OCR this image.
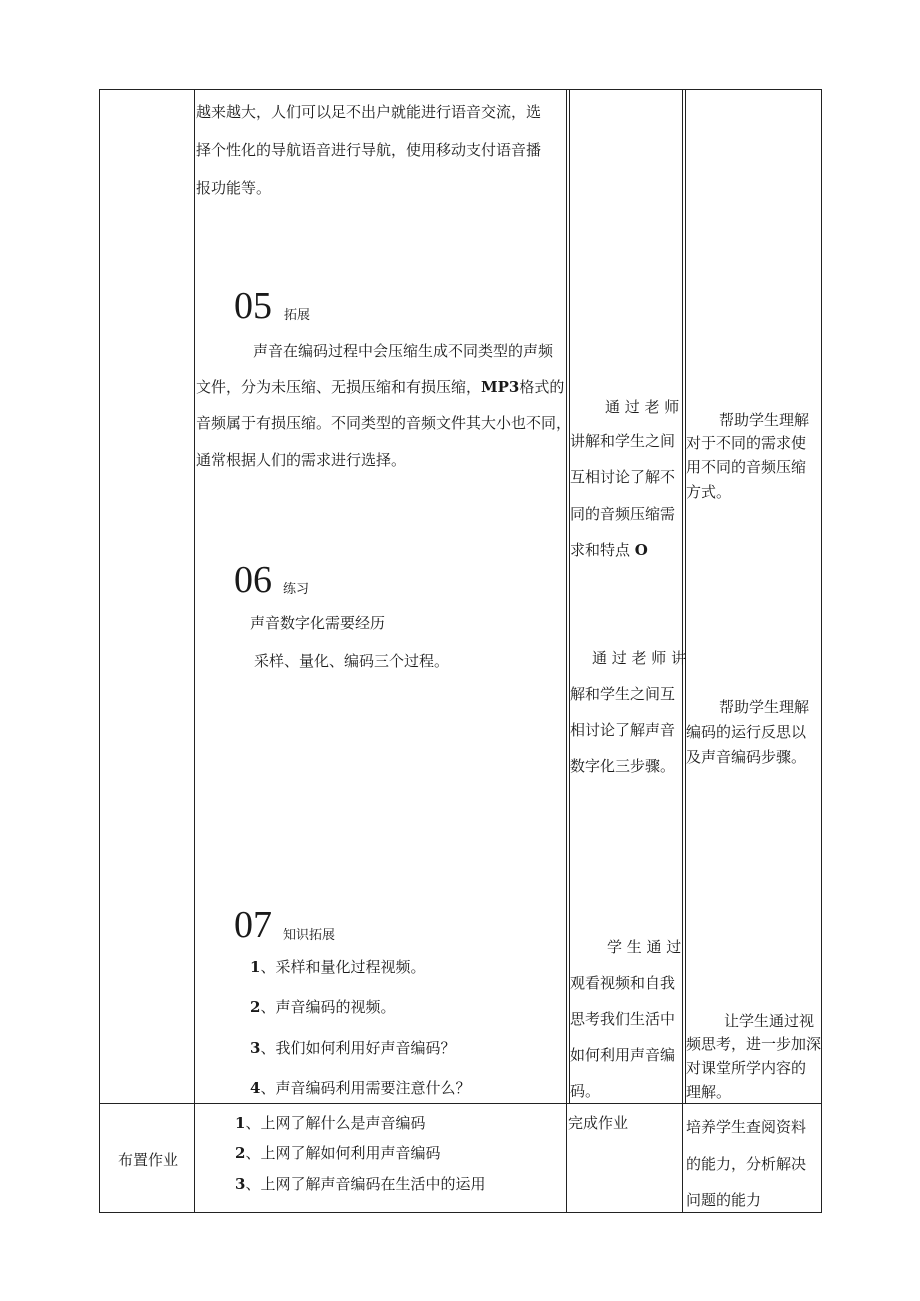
越来越大，人们可以足不出户就能进行语音交流，选
择个性化的导航语音进行导航，使用移动支付语音播
报功能等。
05 拓展
声音在编码过程中会压缩生成不同类型的声频
文件，分为未压缩、无损压缩和有损压缩，MP3格式的
音频属于有损压缩。不同类型的音频文件其大小也不同，
通常根据人们的需求进行选择。
通 过 老 师
讲解和学生之间
互相讨论了解不
同的音频压缩需
求和特点 O
帮助学生理解
对于不同的需求使
用不同的音频压缩
方式。
06 练习
声音数字化需要经历
采样、量化、编码三个过程。	通 过 老 师 讲
解和学生之间互
相讨论了解声音
数字化三步骤。
帮助学生理解
编码的运行反思以
及声音编码步骤。
07 知识拓展
1、采样和量化过程视频。
2、声音编码的视频。
3、我们如何利用好声音编码？
4、声音编码利用需要注意什么？
学 生 通 过
观看视频和自我
思考我们生活中
如何利用声音编
码。
让学生通过视
频思考，进一步加深
对课堂所学内容的
理解。
布置作业
1、上网了解什么是声音编码
2、上网了解如何利用声音编码
3、上网了解声音编码在生活中的运用
完成作业	培养学生查阅资料
的能力，分析解决
问题的能力
